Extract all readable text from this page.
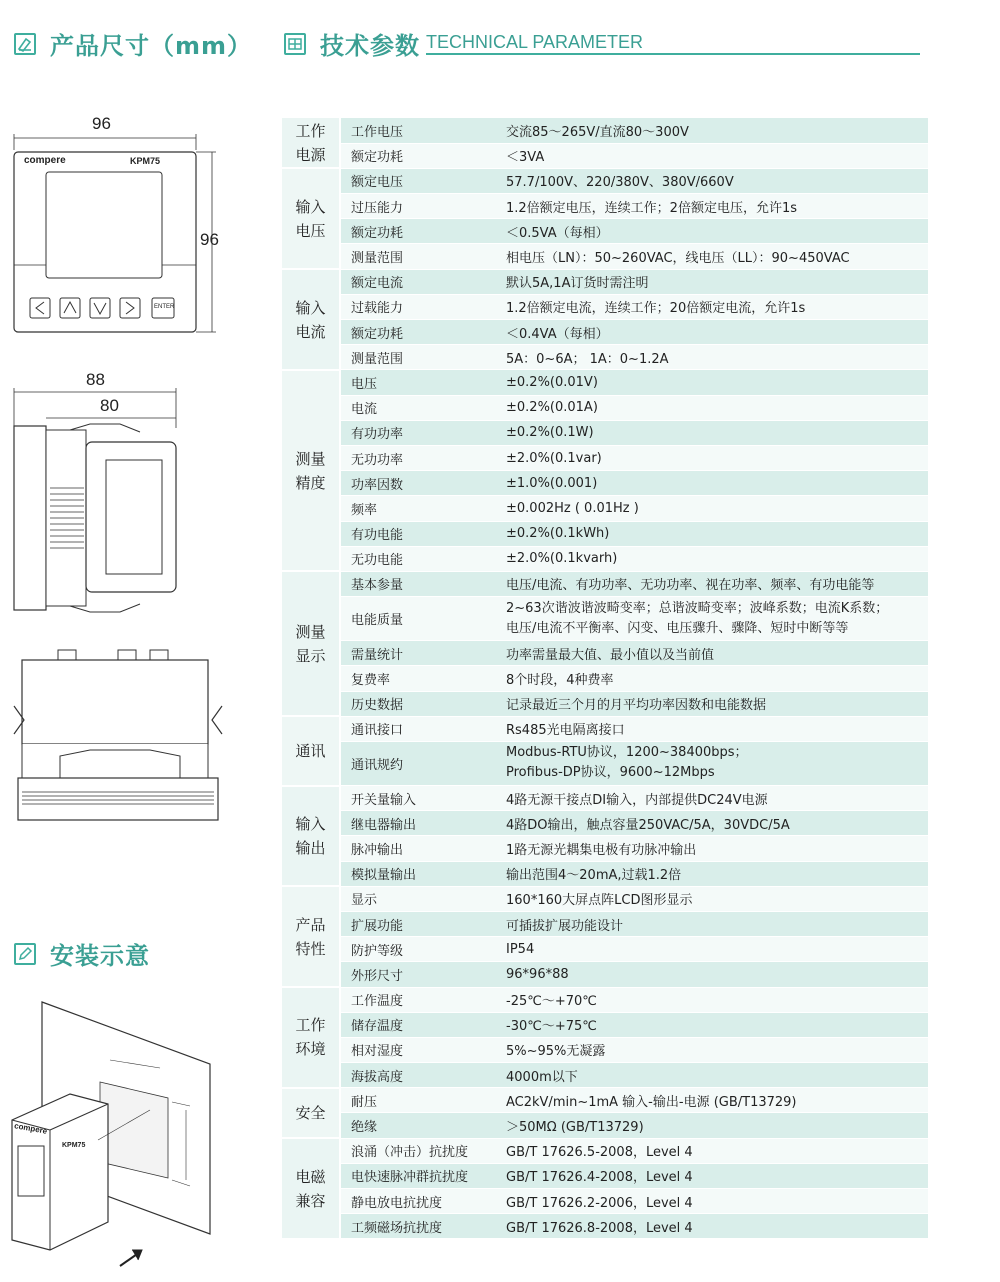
产品尺寸（mm）	技术参数 TECHNICAL PARAMETER
安装示意
96
96
compere	KPM75
ENTER
88
80
compere
KPM75
工作
电源	工作电压	交流85～265V/直流80～300V
	额定功耗	＜3VA
输入
电压	额定电压	57.7/100V、220/380V、380V/660V
	过压能力	1.2倍额定电压，连续工作；2倍额定电压，允许1s
	额定功耗	＜0.5VA（每相）
	测量范围	相电压（LN）：50~260VAC，线电压（LL）：90~450VAC
输入
电流	额定电流	默认5A,1A订货时需注明
	过载能力	1.2倍额定电流，连续工作；20倍额定电流，允许1s
	额定功耗	＜0.4VA（每相）
	测量范围	5A：0~6A； 1A：0~1.2A
测量
精度	电压	±0.2%(0.01V)
	电流	±0.2%(0.01A)
	有功功率	±0.2%(0.1W)
	无功功率	±2.0%(0.1var)
	功率因数	±1.0%(0.001)
	频率	±0.002Hz ( 0.01Hz )
	有功电能	±0.2%(0.1kWh)
	无功电能	±2.0%(0.1kvarh)
测量
显示	基本参量	电压/电流、有功功率、无功功率、视在功率、频率、有功电能等
	电能质量	2~63次谐波谐波畸变率；总谐波畸变率；波峰系数；电流K系数；
电压/电流不平衡率、闪变、电压骤升、骤降、短时中断等等
	需量统计	功率需量最大值、最小值以及当前值
	复费率	8个时段，4种费率
	历史数据	记录最近三个月的月平均功率因数和电能数据
通讯	通讯接口	Rs485光电隔离接口
	通讯规约	Modbus-RTU协议，1200~38400bps；
Profibus-DP协议，9600~12Mbps
输入
输出	开关量输入	4路无源干接点DI输入，内部提供DC24V电源
	继电器输出	4路DO输出，触点容量250VAC/5A，30VDC/5A
	脉冲输出	1路无源光耦集电极有功脉冲输出
	模拟量输出	输出范围4～20mA,过载1.2倍
产品
特性	显示	160*160大屏点阵LCD图形显示
	扩展功能	可插拔扩展功能设计
	防护等级	IP54
	外形尺寸	96*96*88
工作
环境	工作温度	-25℃～+70℃
	储存温度	-30℃～+75℃
	相对湿度	5%~95%无凝露
	海拔高度	4000m以下
安全	耐压	AC2kV/min~1mA 输入-输出-电源 (GB/T13729)
	绝缘	＞50MΩ (GB/T13729)
电磁
兼容	浪涌（冲击）抗扰度	GB/T 17626.5-2008，Level 4
	电快速脉冲群抗扰度	GB/T 17626.4-2008，Level 4
	静电放电抗扰度	GB/T 17626.2-2006，Level 4
	工频磁场抗扰度	GB/T 17626.8-2008，Level 4
